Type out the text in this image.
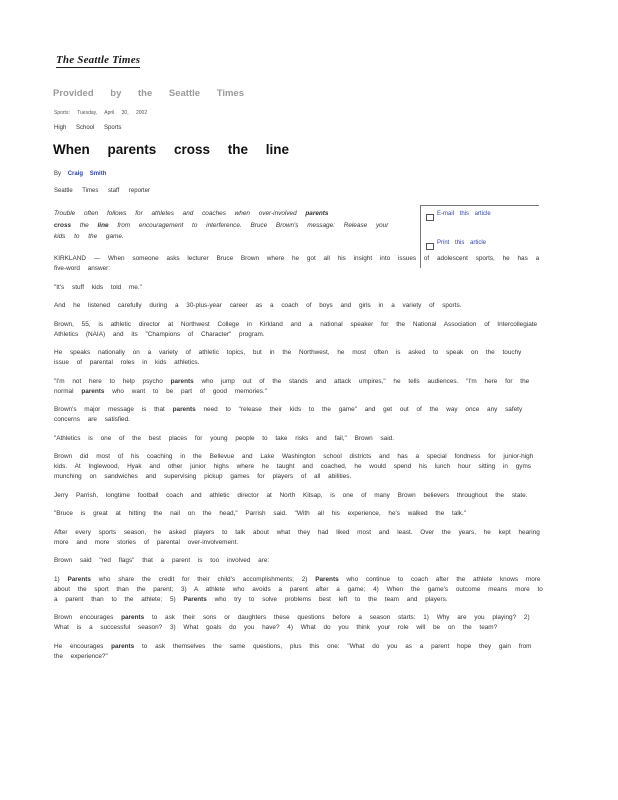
The Seattle Times
Provided by the Seattle Times
Sports: Tuesday, April 30, 2002
High School Sports
When parents cross the line
By Craig Smith
Seattle Times staff reporter
Trouble often follows for athletes and coaches when over-involved parents
cross the line from encouragement to interference. Bruce Brown's message: Release your kids to the game.
E-mail this article
Print this article

KIRKLAND — When someone asks lecturer Bruce Brown where he got all his insight into issues of adolescent sports, he has a five-word answer:

"It's stuff kids told me."

And he listened carefully during a 30-plus-year career as a coach of boys and girls in a variety of sports.

Brown, 55, is athletic director at Northwest College in Kirkland and a national speaker for the National Association of Intercollegiate Athletics (NAIA) and its "Champions of Character" program.

He speaks nationally on a variety of athletic topics, but in the Northwest, he most often is asked to speak on the touchy issue of parental roles in kids athletics.

"I'm not here to help psycho parents who jump out of the stands and attack umpires," he tells audiences. "I'm here for the normal parents who want to be part of good memories."

Brown's major message is that parents need to "release their kids to the game" and get out of the way once any safety concerns are satisfied.

"Athletics is one of the best places for young people to take risks and fail," Brown said.

Brown did most of his coaching in the Bellevue and Lake Washington school districts and has a special fondness for junior-high kids. At Inglewood, Hyak and other junior highs where he taught and coached, he would spend his lunch hour sitting in gyms munching on sandwiches and supervising pickup games for players of all abilities.

Jerry Parrish, longtime football coach and athletic director at North Kitsap, is one of many Brown believers throughout the state.

"Bruce is great at hitting the nail on the head," Parrish said. "With all his experience, he's walked the talk."

After every sports season, he asked players to talk about what they had liked most and least. Over the years, he kept hearing more and more stories of parental over-involvement.

Brown said "red flags" that a parent is too involved are:

1) Parents who share the credit for their child's accomplishments; 2) Parents who continue to coach after the athlete knows more about the sport than the parent; 3) A athlete who avoids a parent after a game; 4) When the game's outcome means more to a parent than to the athlete; 5) Parents who try to solve problems best left to the team and players.

Brown encourages parents to ask their sons or daughters these questions before a season starts: 1) Why are you playing? 2) What is a successful season? 3) What goals do you have? 4) What do you think your role will be on the team?

He encourages parents to ask themselves the same questions, plus this one: "What do you as a parent hope they gain from the experience?"
